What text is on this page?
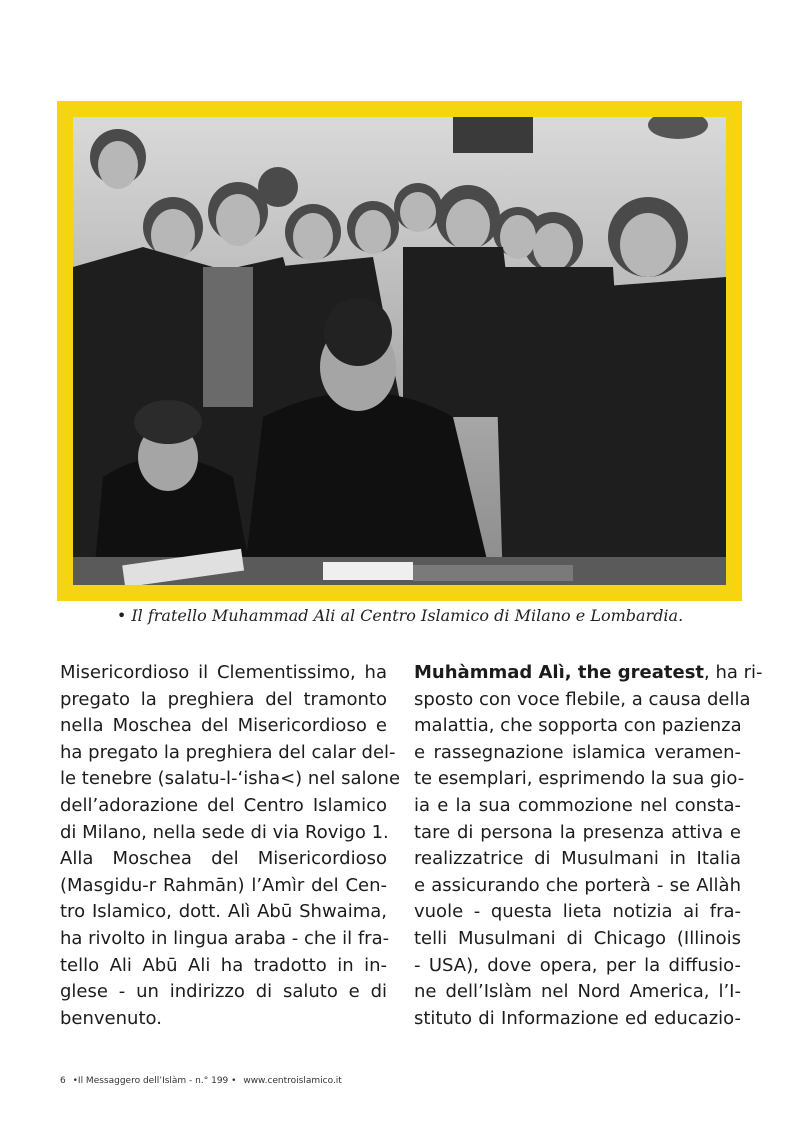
• Il fratello Muhammad Ali al Centro Islamico di Milano e Lombardia.
Misericordioso il Clementissimo, ha
pregato la preghiera del tramonto
nella Moschea del Misericordioso e
ha pregato la preghiera del calar del-
le tenebre (salatu-l-‘isha<) nel salone
dell’adorazione del Centro Islamico
di Milano, nella sede di via Rovigo 1.
Alla Moschea del Misericordioso
(Masgidu-r Rahmān) l’Amìr del Cen-
tro Islamico, dott. Alì Abū Shwaima,
ha rivolto in lingua araba - che il fra-
tello Ali Abū Ali ha tradotto in in-
glese - un indirizzo di saluto e di
benvenuto.
Muhàmmad Alì, the greatest, ha ri-
sposto con voce flebile, a causa della
malattia, che sopporta con pazienza
e rassegnazione islamica veramen-
te esemplari, esprimendo la sua gio-
ia e la sua commozione nel consta-
tare di persona la presenza attiva e
realizzatrice di Musulmani in Italia
e assicurando che porterà - se Allàh
vuole - questa lieta notizia ai fra-
telli Musulmani di Chicago (Illinois
- USA), dove opera, per la diffusio-
ne dell’Islàm nel Nord America, l’I-
stituto di Informazione ed educazio-
6 •Il Messaggero dell’Islàm - n.° 199 • www.centroislamico.it
